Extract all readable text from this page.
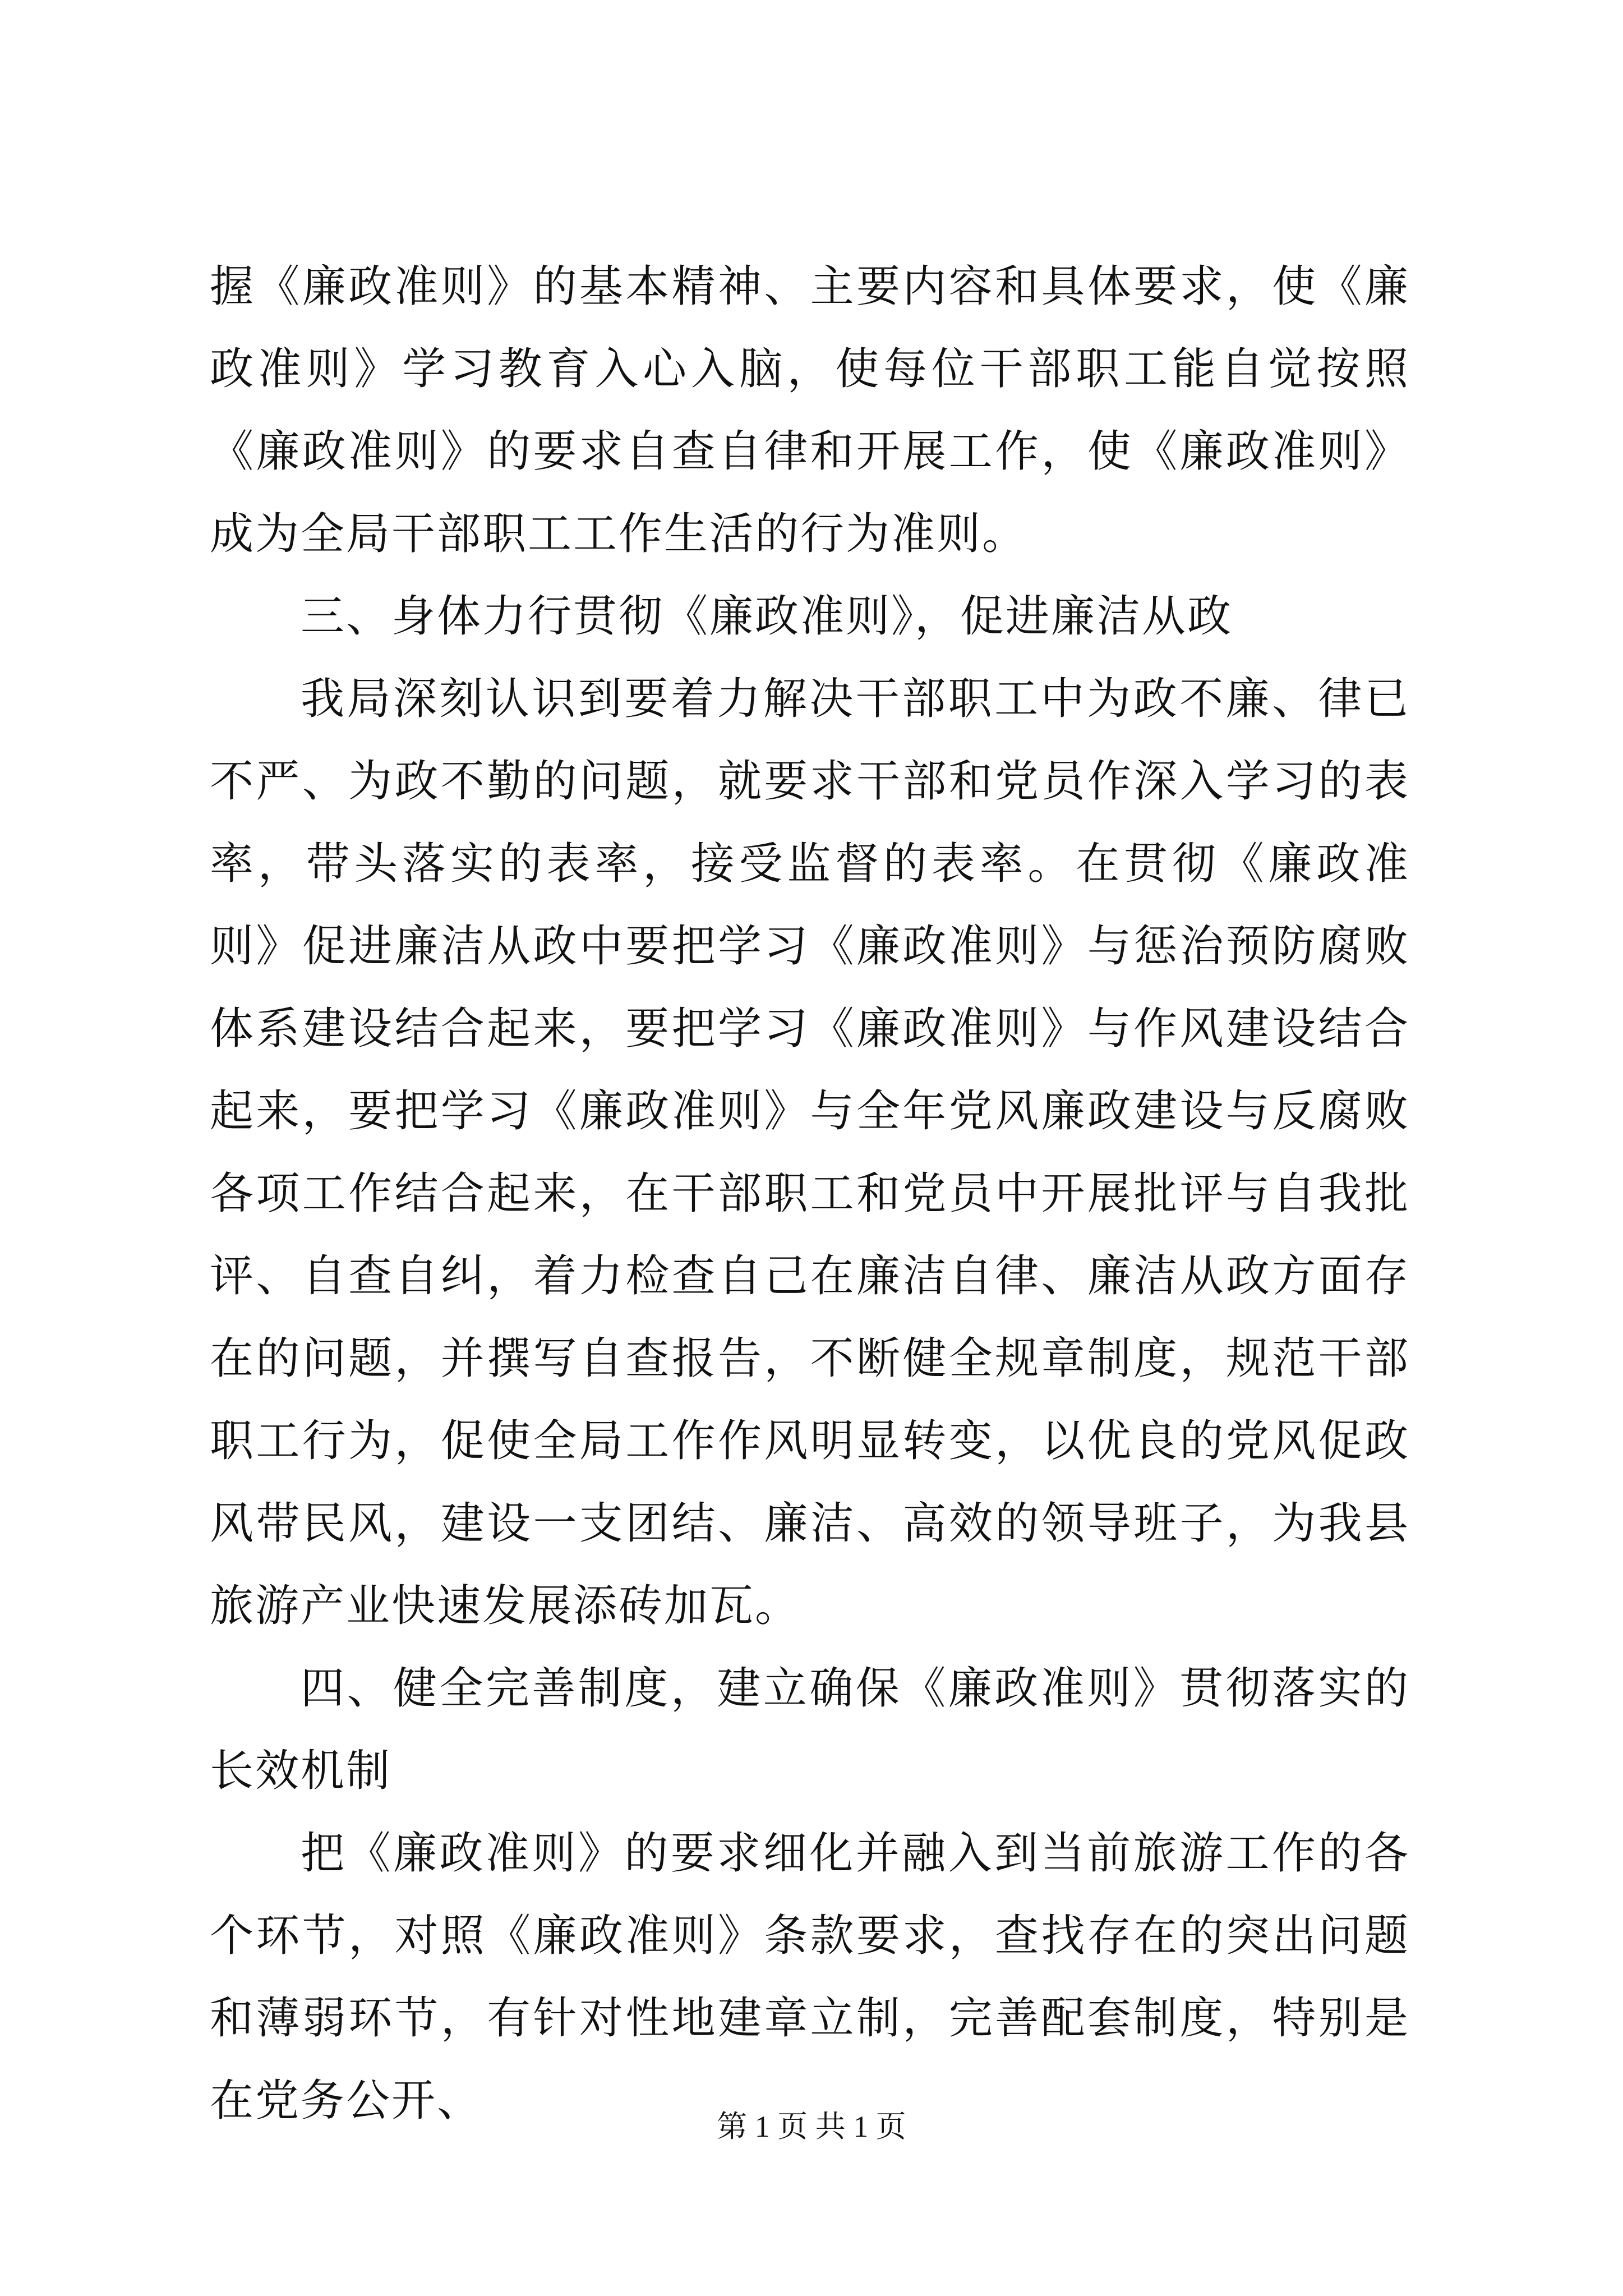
握《廉政准则》的基本精神、主要内容和具体要求，使《廉政准则》学习教育入心入脑，使每位干部职工能自觉按照《廉政准则》的要求自查自律和开展工作，使《廉政准则》成为全局干部职工工作生活的行为准则。

三、身体力行贯彻《廉政准则》，促进廉洁从政

我局深刻认识到要着力解决干部职工中为政不廉、律已不严、为政不勤的问题，就要求干部和党员作深入学习的表率，带头落实的表率，接受监督的表率。在贯彻《廉政准则》促进廉洁从政中要把学习《廉政准则》与惩治预防腐败体系建设结合起来，要把学习《廉政准则》与作风建设结合起来，要把学习《廉政准则》与全年党风廉政建设与反腐败各项工作结合起来，在干部职工和党员中开展批评与自我批评、自查自纠，着力检查自己在廉洁自律、廉洁从政方面存在的问题，并撰写自查报告，不断健全规章制度，规范干部职工行为，促使全局工作作风明显转变，以优良的党风促政风带民风，建设一支团结、廉洁、高效的领导班子，为我县旅游产业快速发展添砖加瓦。

四、健全完善制度，建立确保《廉政准则》贯彻落实的长效机制

把《廉政准则》的要求细化并融入到当前旅游工作的各个环节，对照《廉政准则》条款要求，查找存在的突出问题和薄弱环节，有针对性地建章立制，完善配套制度，特别是在党务公开、

第 1 页 共 1 页
